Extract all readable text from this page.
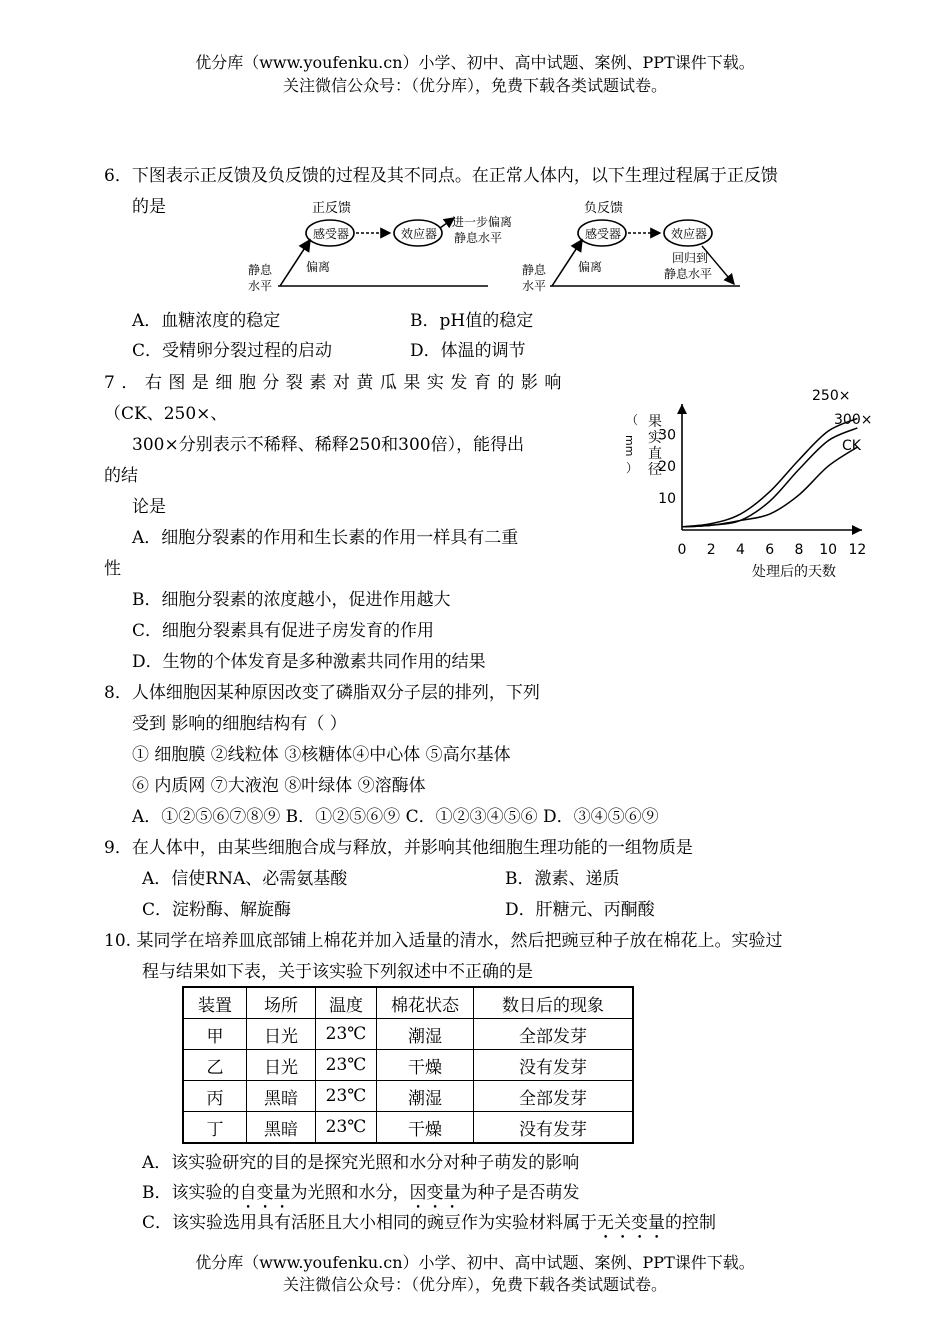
优分库（www.youfenku.cn）小学、初中、高中试题、案例、PPT课件下载。
关注微信公众号：（优分库），免费下载各类试题试卷。
6．下图表示正反馈及负反馈的过程及其不同点。在正常人体内，以下生理过程属于正反馈
的是	正反馈
感受器	效应器
进一步偏离
静息水平
偏离
静息
水平
负反馈
感受器	效应器
回归到
静息水平
偏离
静息
水平
A．血糖浓度的稳定	B．pH值的稳定
C．受精卵分裂过程的启动	D．体温的调节
7．右图是细胞分裂素对黄瓜果实发育的影响
（CK、250×、
300×分别表示不稀释、稀释250和300倍），能得出
的结
论是
A．细胞分裂素的作用和生长素的作用一样具有二重
性
B．细胞分裂素的浓度越小，促进作用越大
C．细胞分裂素具有促进子房发育的作用
D．生物的个体发育是多种激素共同作用的结果
0 2 4 6 8 10 12
10
20
30
处理后的天数
果
实
直
径
（
mm
）
250×
300×
CK
8．人体细胞因某种原因改变了磷脂双分子层的排列，下列
受到 影响的细胞结构有（ ）
① 细胞膜 ②线粒体 ③核糖体④中心体 ⑤高尔基体
⑥ 内质网 ⑦大液泡 ⑧叶绿体 ⑨溶酶体
A．①②⑤⑥⑦⑧⑨ B．①②⑤⑥⑨ C．①②③④⑤⑥ D．③④⑤⑥⑨
9．在人体中，由某些细胞合成与释放，并影响其他细胞生理功能的一组物质是
A．信使RNA、必需氨基酸	B．激素、递质
C．淀粉酶、解旋酶	D．肝糖元、丙酮酸
10. 某同学在培养皿底部铺上棉花并加入适量的清水，然后把豌豆种子放在棉花上。实验过
程与结果如下表，关于该实验下列叙述中不正确的是
装置	场所	温度	棉花状态	数日后的现象
甲	日光	23℃	潮湿	全部发芽
乙	日光	23℃	干燥	没有发芽
丙	黑暗	23℃	潮湿	全部发芽
丁	黑暗	23℃	干燥	没有发芽
A．该实验研究的目的是探究光照和水分对种子萌发的影响
B．该实验的自变量为光照和水分，因变量为种子是否萌发
C．该实验选用具有活胚且大小相同的豌豆作为实验材料属于无关变量的控制
优分库（www.youfenku.cn）小学、初中、高中试题、案例、PPT课件下载。
关注微信公众号：（优分库），免费下载各类试题试卷。
